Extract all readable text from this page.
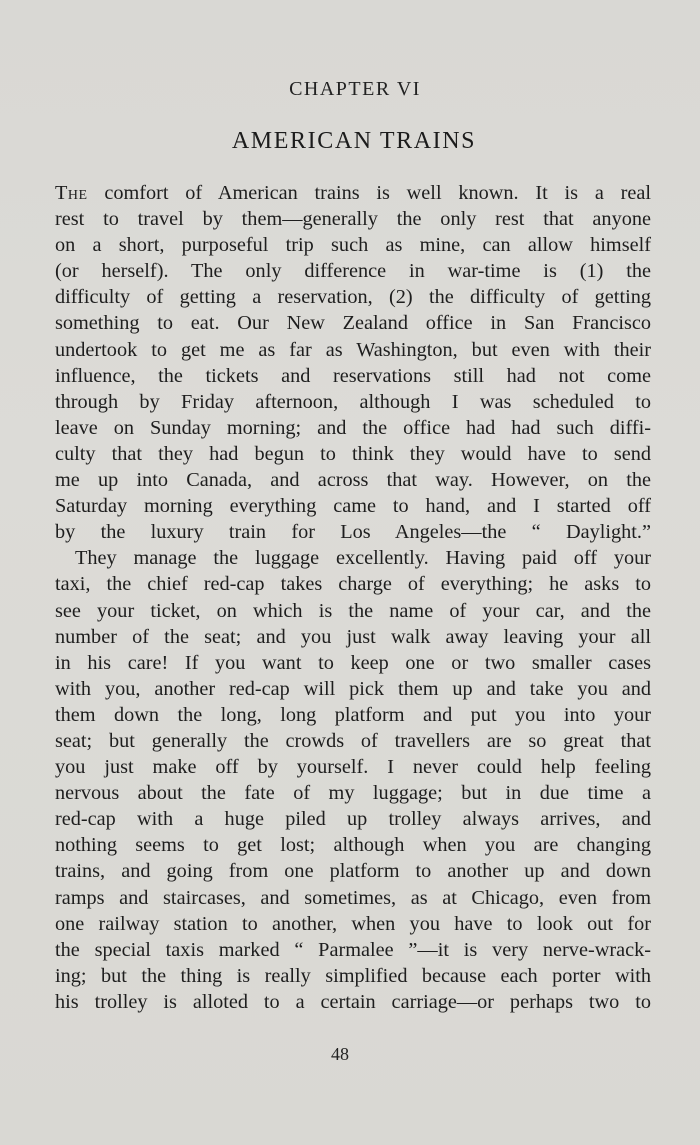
CHAPTER VI
AMERICAN TRAINS

The comfort of American trains is well known. It is a real

rest to travel by them—generally the only rest that anyone

on a short, purposeful trip such as mine, can allow himself

(or herself). The only difference in war-time is (1) the

difficulty of getting a reservation, (2) the difficulty of getting

something to eat. Our New Zealand office in San Francisco

undertook to get me as far as Washington, but even with their

influence, the tickets and reservations still had not come

through by Friday afternoon, although I was scheduled to

leave on Sunday morning; and the office had had such diffi-

culty that they had begun to think they would have to send

me up into Canada, and across that way. However, on the

Saturday morning everything came to hand, and I started off

by the luxury train for Los Angeles—the “ Daylight.”

They manage the luggage excellently. Having paid off your

taxi, the chief red-cap takes charge of everything; he asks to

see your ticket, on which is the name of your car, and the

number of the seat; and you just walk away leaving your all

in his care! If you want to keep one or two smaller cases

with you, another red-cap will pick them up and take you and

them down the long, long platform and put you into your

seat; but generally the crowds of travellers are so great that

you just make off by yourself. I never could help feeling

nervous about the fate of my luggage; but in due time a

red-cap with a huge piled up trolley always arrives, and

nothing seems to get lost; although when you are changing

trains, and going from one platform to another up and down

ramps and staircases, and sometimes, as at Chicago, even from

one railway station to another, when you have to look out for

the special taxis marked “ Parmalee ”—it is very nerve-wrack-

ing; but the thing is really simplified because each porter with

his trolley is alloted to a certain carriage—or perhaps two to

48
